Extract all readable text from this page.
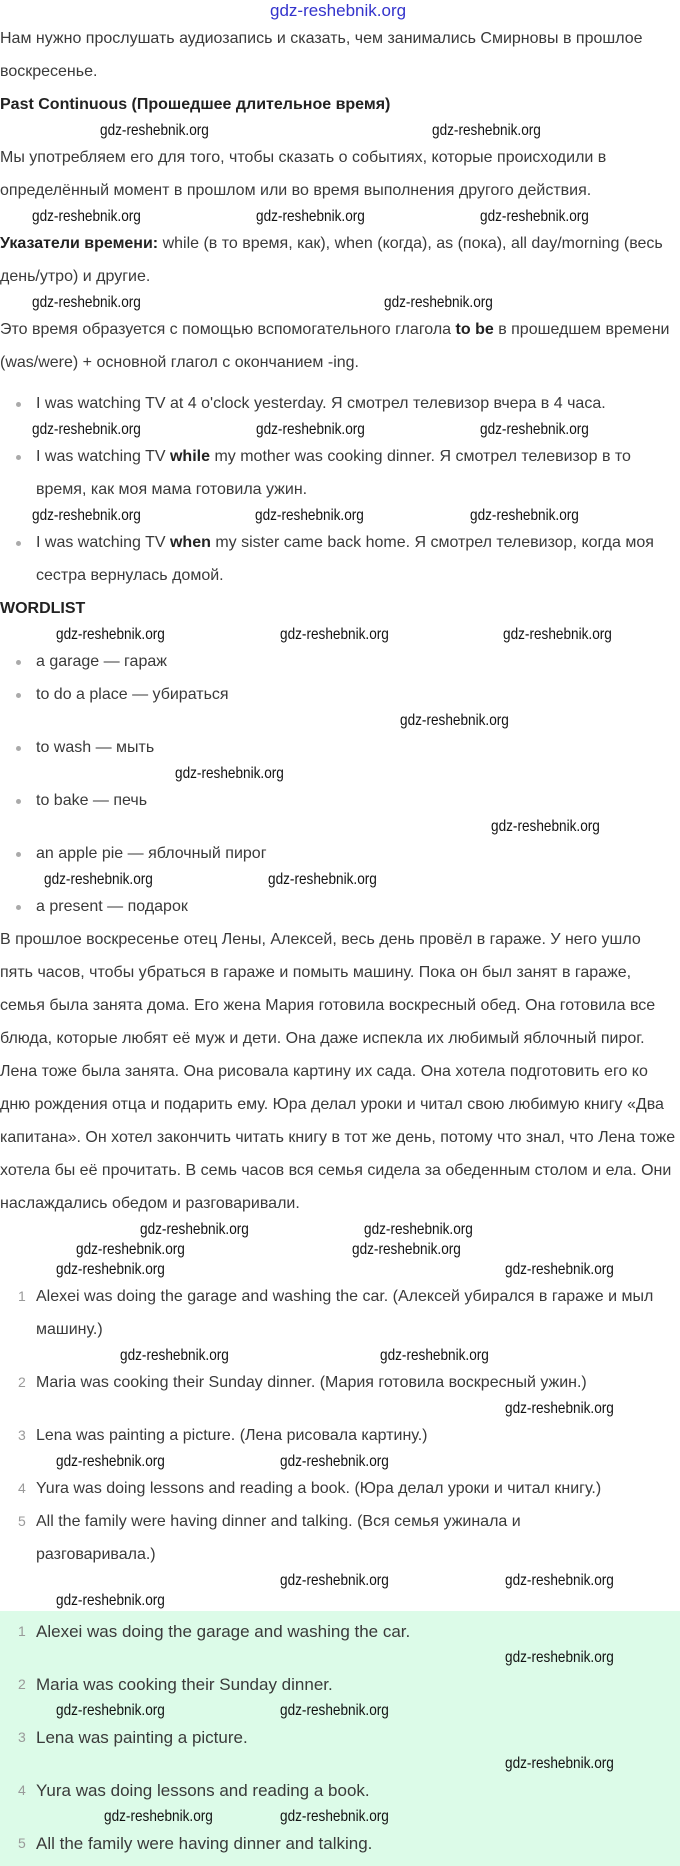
gdz-reshebnik.org
Нам нужно прослушать аудиозапись и сказать, чем занимались Смирновы в прошлое воскресенье.
Past Continuous (Прошедшее длительное время)
gdz-reshebnik.org	gdz-reshebnik.org
Мы употребляем его для того, чтобы сказать о событиях, которые происходили в определённый момент в прошлом или во время выполнения другого действия.
gdz-reshebnik.org	gdz-reshebnik.org	gdz-reshebnik.org
Указатели времени: while (в то время, как), when (когда), as (пока), all day/morning (весь день/утро) и другие.
gdz-reshebnik.org	gdz-reshebnik.org
Это время образуется с помощью вспомогательного глагола to be в прошедшем времени (was/were) + основной глагол с окончанием -ing.
I was watching TV at 4 o'clock yesterday. Я смотрел телевизор вчера в 4 часа.
gdz-reshebnik.org	gdz-reshebnik.org	gdz-reshebnik.org
I was watching TV while my mother was cooking dinner. Я смотрел телевизор в то время, как моя мама готовила ужин.
gdz-reshebnik.org	gdz-reshebnik.org	gdz-reshebnik.org
I was watching TV when my sister came back home. Я смотрел телевизор, когда моя сестра вернулась домой.
WORDLIST
gdz-reshebnik.org	gdz-reshebnik.org	gdz-reshebnik.org
a garage — гараж
to do a place — убираться
gdz-reshebnik.org
to wash — мыть
gdz-reshebnik.org
to bake — печь
gdz-reshebnik.org
an apple pie — яблочный пирог
gdz-reshebnik.org	gdz-reshebnik.org
a present — подарок
В прошлое воскресенье отец Лены, Алексей, весь день провёл в гараже. У него ушло пять часов, чтобы убраться в гараже и помыть машину. Пока он был занят в гараже, семья была занята дома. Его жена Мария готовила воскресный обед. Она готовила все блюда, которые любят её муж и дети. Она даже испекла их любимый яблочный пирог. Лена тоже была занята. Она рисовала картину их сада. Она хотела подготовить его ко дню рождения отца и подарить ему. Юра делал уроки и читал свою любимую книгу «Два капитана». Он хотел закончить читать книгу в тот же день, потому что знал, что Лена тоже хотела бы её прочитать. В семь часов вся семья сидела за обеденным столом и ела. Они наслаждались обедом и разговаривали.
gdz-reshebnik.org	gdz-reshebnik.org
gdz-reshebnik.org	gdz-reshebnik.org
gdz-reshebnik.org	gdz-reshebnik.org
1 Alexei was doing the garage and washing the car. (Алексей убирался в гараже и мыл машину.)
gdz-reshebnik.org	gdz-reshebnik.org
2 Maria was cooking their Sunday dinner. (Мария готовила воскресный ужин.)
gdz-reshebnik.org
3 Lena was painting a picture. (Лена рисовала картину.)
gdz-reshebnik.org	gdz-reshebnik.org
4 Yura was doing lessons and reading a book. (Юра делал уроки и читал книгу.)
5 All the family were having dinner and talking. (Вся семья ужинала и разговаривала.)
gdz-reshebnik.org	gdz-reshebnik.org
gdz-reshebnik.org
1 Alexei was doing the garage and washing the car.
gdz-reshebnik.org
2 Maria was cooking their Sunday dinner.
gdz-reshebnik.org	gdz-reshebnik.org
3 Lena was painting a picture.
gdz-reshebnik.org
4 Yura was doing lessons and reading a book.
gdz-reshebnik.org	gdz-reshebnik.org
5 All the family were having dinner and talking.
